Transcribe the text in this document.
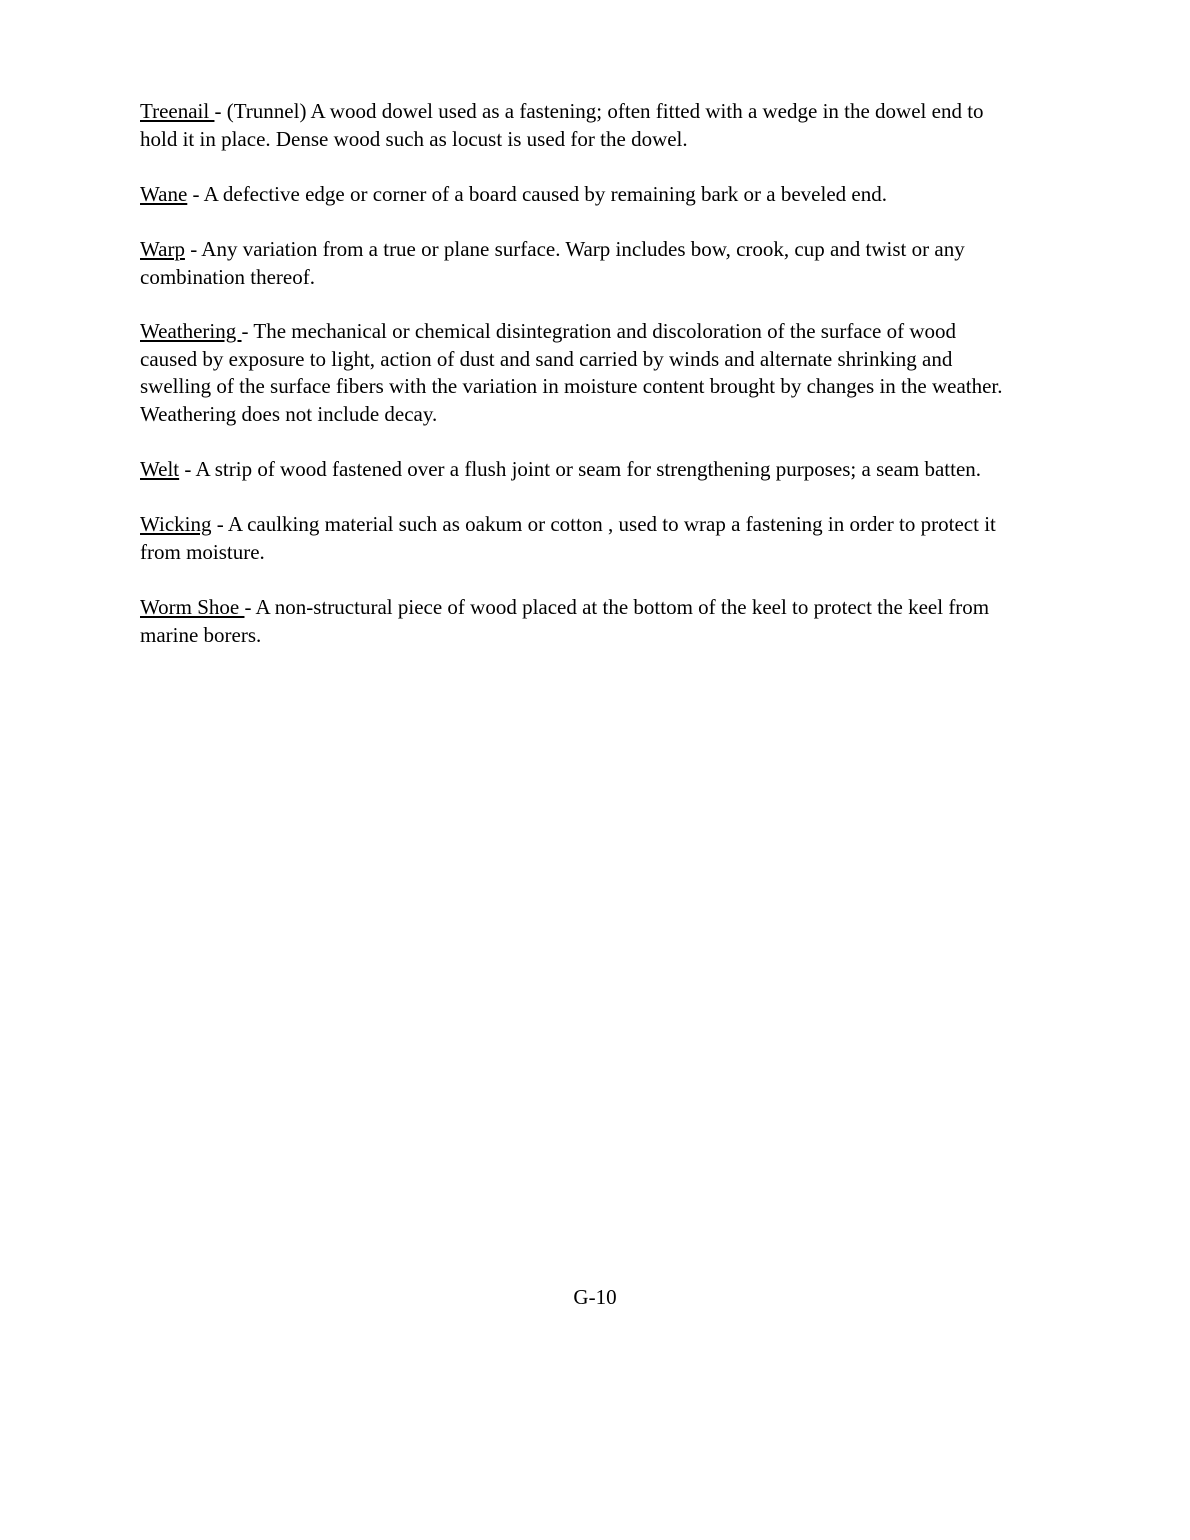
Treenail - (Trunnel) A wood dowel used as a fastening; often fitted with a wedge in the dowel end to
hold it in place. Dense wood such as locust is used for the dowel.

Wane - A defective edge or corner of a board caused by remaining bark or a beveled end.

Warp - Any variation from a true or plane surface. Warp includes bow, crook, cup and twist or any
combination thereof.

Weathering - The mechanical or chemical disintegration and discoloration of the surface of wood
caused by exposure to light, action of dust and sand carried by winds and alternate shrinking and
swelling of the surface fibers with the variation in moisture content brought by changes in the weather.
Weathering does not include decay.

Welt - A strip of wood fastened over a flush joint or seam for strengthening purposes; a seam batten.

Wicking - A caulking material such as oakum or cotton , used to wrap a fastening in order to protect it
from moisture.

Worm Shoe - A non-structural piece of wood placed at the bottom of the keel to protect the keel from
marine borers.

G-10
